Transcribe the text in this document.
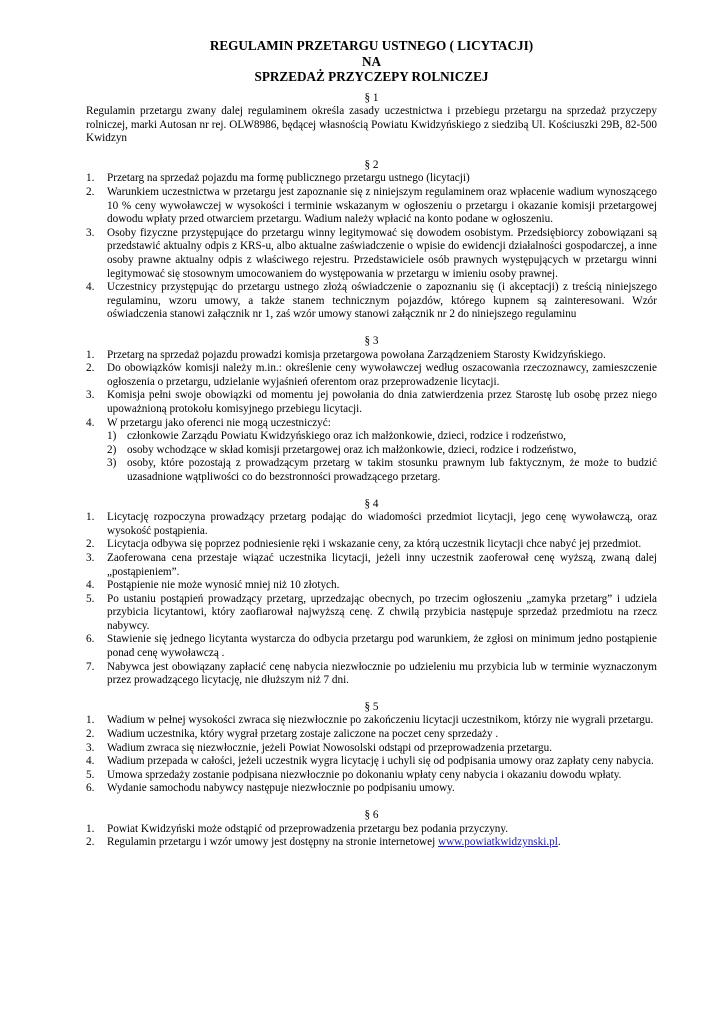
REGULAMIN PRZETARGU USTNEGO ( LICYTACJI)
NA
SPRZEDAŻ PRZYCZEPY ROLNICZEJ
§ 1

Regulamin przetargu zwany dalej regulaminem określa zasady uczestnictwa i przebiegu przetargu na sprzedaż przyczepy rolniczej, marki Autosan nr rej. OLW8986, będącej własnością Powiatu Kwidzyńskiego z siedzibą Ul. Kościuszki 29B, 82-500 Kwidzyn

§ 2
1. Przetarg na sprzedaż pojazdu ma formę publicznego przetargu ustnego (licytacji)
2. Warunkiem uczestnictwa w przetargu jest zapoznanie się z niniejszym regulaminem oraz wpłacenie wadium wynoszącego 10 % ceny wywoławczej w wysokości i terminie wskazanym w ogłoszeniu o przetargu i okazanie komisji przetargowej dowodu wpłaty przed otwarciem przetargu. Wadium należy wpłacić na konto podane w ogłoszeniu.
3. Osoby fizyczne przystępujące do przetargu winny legitymować się dowodem osobistym. Przedsiębiorcy zobowiązani są przedstawić aktualny odpis z KRS-u, albo aktualne zaświadczenie o wpisie do ewidencji działalności gospodarczej, a inne osoby prawne aktualny odpis z właściwego rejestru. Przedstawiciele osób prawnych występujących w przetargu winni legitymować się stosownym umocowaniem do występowania w przetargu w imieniu osoby prawnej.
4. Uczestnicy przystępując do przetargu ustnego złożą oświadczenie o zapoznaniu się (i akceptacji) z treścią niniejszego regulaminu, wzoru umowy, a także stanem technicznym pojazdów, którego kupnem są zainteresowani. Wzór oświadczenia stanowi załącznik nr 1, zaś wzór umowy stanowi załącznik nr 2 do niniejszego regulaminu
§ 3
1. Przetarg na sprzedaż pojazdu prowadzi komisja przetargowa powołana Zarządzeniem Starosty Kwidzyńskiego.
2. Do obowiązków komisji należy m.in.: określenie ceny wywoławczej według oszacowania rzeczoznawcy, zamieszczenie ogłoszenia o przetargu, udzielanie wyjaśnień oferentom oraz przeprowadzenie licytacji.
3. Komisja pełni swoje obowiązki od momentu jej powołania do dnia zatwierdzenia przez Starostę lub osobę przez niego upoważnioną protokołu komisyjnego przebiegu licytacji.
4. W przetargu jako oferenci nie mogą uczestniczyć:
1) członkowie Zarządu Powiatu Kwidzyńskiego oraz ich małżonkowie, dzieci, rodzice i rodzeństwo,
2) osoby wchodzące w skład komisji przetargowej oraz ich małżonkowie, dzieci, rodzice i rodzeństwo,
3) osoby, które pozostają z prowadzącym przetarg w takim stosunku prawnym lub faktycznym, że może to budzić uzasadnione wątpliwości co do bezstronności prowadzącego przetarg.
§ 4
1. Licytację rozpoczyna prowadzący przetarg podając do wiadomości przedmiot licytacji, jego cenę wywoławczą, oraz wysokość postąpienia.
2. Licytacja odbywa się poprzez podniesienie ręki i wskazanie ceny, za którą uczestnik licytacji chce nabyć jej przedmiot.
3. Zaoferowana cena przestaje wiązać uczestnika licytacji, jeżeli inny uczestnik zaoferował cenę wyższą, zwaną dalej „postąpieniem”.
4. Postąpienie nie może wynosić mniej niż 10 złotych.
5. Po ustaniu postąpień prowadzący przetarg, uprzedzając obecnych, po trzecim ogłoszeniu „zamyka przetarg” i udziela przybicia licytantowi, który zaofiarował najwyższą cenę. Z chwilą przybicia następuje sprzedaż przedmiotu na rzecz nabywcy.
6. Stawienie się jednego licytanta wystarcza do odbycia przetargu pod warunkiem, że zgłosi on minimum jedno postąpienie ponad cenę wywoławczą .
7. Nabywca jest obowiązany zapłacić cenę nabycia niezwłocznie po udzieleniu mu przybicia lub w terminie wyznaczonym przez prowadzącego licytację, nie dłuższym niż 7 dni.
§ 5
1. Wadium w pełnej wysokości zwraca się niezwłocznie po zakończeniu licytacji uczestnikom, którzy nie wygrali przetargu.
2. Wadium uczestnika, który wygrał przetarg zostaje zaliczone na poczet ceny sprzedaży .
3. Wadium zwraca się niezwłocznie, jeżeli Powiat Nowosolski odstąpi od przeprowadzenia przetargu.
4. Wadium przepada w całości, jeżeli uczestnik wygra licytację i uchyli się od podpisania umowy oraz zapłaty ceny nabycia.
5. Umowa sprzedaży zostanie podpisana niezwłocznie po dokonaniu wpłaty ceny nabycia i okazaniu dowodu wpłaty.
6. Wydanie samochodu nabywcy następuje niezwłocznie po podpisaniu umowy.
§ 6
1. Powiat Kwidzyński może odstąpić od przeprowadzenia przetargu bez podania przyczyny.
2. Regulamin przetargu i wzór umowy jest dostępny na stronie internetowej www.powiatkwidzynski.pl.
